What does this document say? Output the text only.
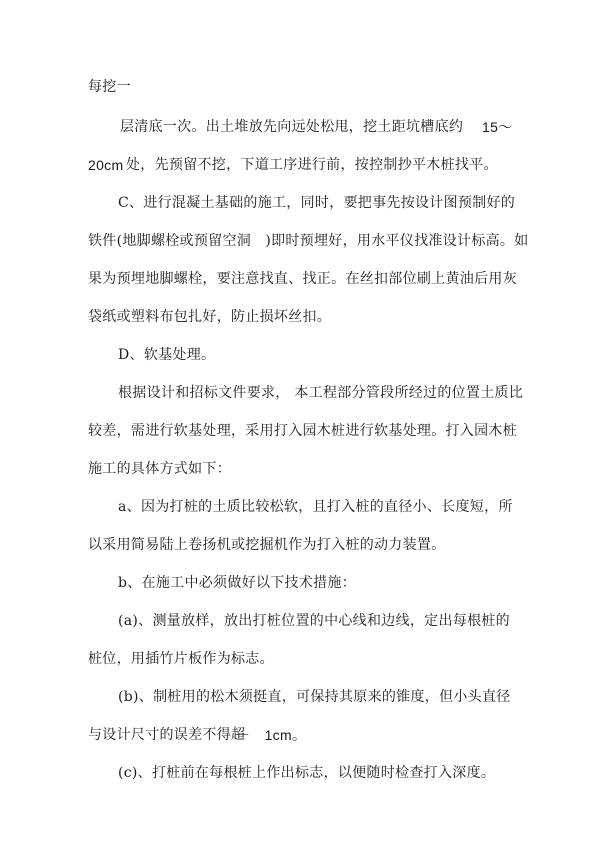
每挖一
层清底一次。出土堆放先向远处松甩，挖土距坑槽底约 15～
20cm 处，先预留不挖，下道工序进行前，按控制抄平木桩找平。
C、进行混凝土基础的施工，同时，要把事先按设计图预制好的
铁件(地脚螺栓或预留空洞　)即时预埋好，用水平仪找准设计标高。如
果为预埋地脚螺栓，要注意找直、找正。在丝扣部位刷上黄油后用灰
袋纸或塑料布包扎好，防止损坏丝扣。
D、软基处理。
根据设计和招标文件要求， 本工程部分管段所经过的位置土质比
较差，需进行软基处理，采用打入园木桩进行软基处理。打入园木桩
施工的具体方式如下：
a、因为打桩的土质比较松软，且打入桩的直径小、长度短，所
以采用简易陆上卷扬机或挖掘机作为打入桩的动力装置。
b、在施工中必须做好以下技术措施：
(a)、测量放样，放出打桩位置的中心线和边线，定出每根桩的
桩位，用插竹片板作为标志。
(b)、制桩用的松木须挺直，可保持其原来的锥度，但小头直径
与设计尺寸的误差不得超
－　1cm。
(c)、打桩前在每根桩上作出标志，以便随时检查打入深度。
